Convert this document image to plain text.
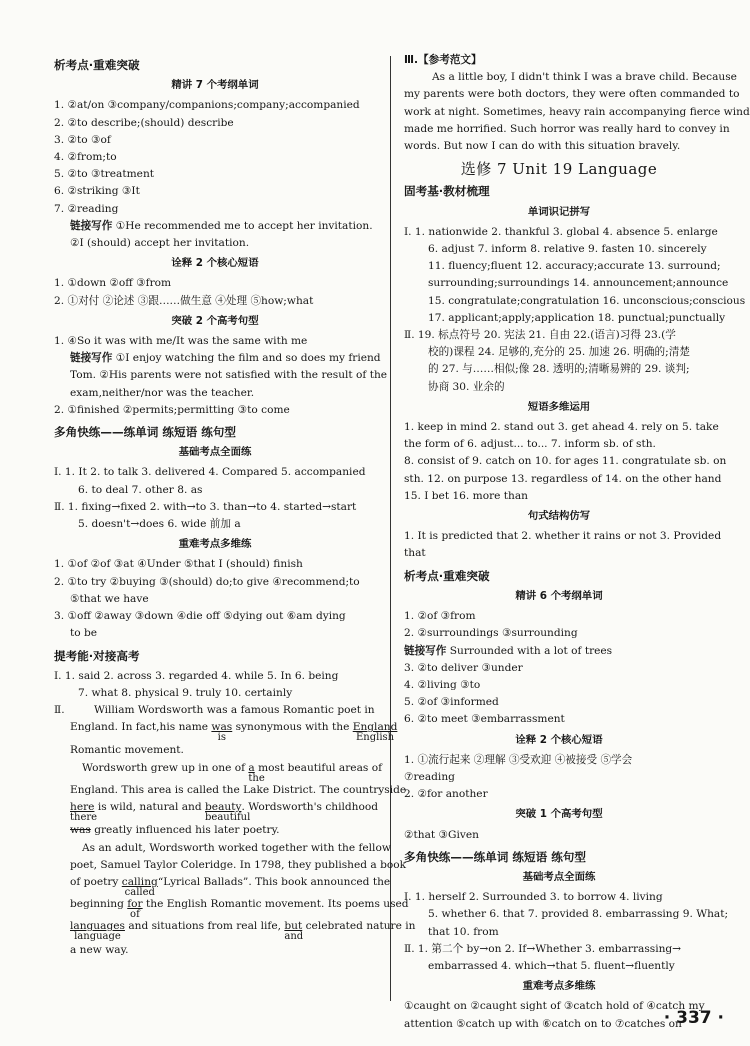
析考点·重难突破
精讲 7 个考纲单词
1. ②at/on ③company/companions;company;accompanied
2. ②to describe;(should) describe
3. ②to ③of
4. ②from;to
5. ②to ③treatment
6. ②striking ③It
7. ②reading
链接写作 ①He recommended me to accept her invitation.
②I (should) accept her invitation.
诠释 2 个核心短语
1. ①down ②off ③from
2. ①对付 ②论述 ③跟……做生意 ④处理 ⑤how;what
突破 2 个高考句型
1. ④So it was with me/It was the same with me
链接写作 ①I enjoy watching the film and so does my friend
Tom. ②His parents were not satisfied with the result of the
exam,neither/nor was the teacher.
2. ①finished ②permits;permitting ③to come
多角快练——练单词 练短语 练句型
基础考点全面练
Ⅰ. 1. It 2. to talk 3. delivered 4. Compared 5. accompanied
6. to deal 7. other 8. as
Ⅱ. 1. fixing→fixed 2. with→to 3. than→to 4. started→start
5. doesn't→does 6. wide 前加 a
重难考点多维练
1. ①of ②of ③at ④Under ⑤that I (should) finish
2. ①to try ②buying ③(should) do;to give ④recommend;to
⑤that we have
3. ①off ②away ③down ④die off ⑤dying out ⑥am dying
to be
提考能·对接高考
Ⅰ. 1. said 2. across 3. regarded 4. while 5. In 6. being
7. what 8. physical 9. truly 10. certainly
Ⅱ. William Wordsworth was a famous Romantic poet in
England. In fact,his name was
is
synonymous with the England
English
Romantic movement.
Wordsworth grew up in one of a
the
most beautiful areas of
England. This area is called the Lake District. The countryside
here
there
is wild, natural and beauty
beautiful
. Wordsworth's childhood
was greatly influenced his later poetry.
As an adult, Wordsworth worked together with the fellow
poet, Samuel Taylor Coleridge. In 1798, they published a book
of poetry calling
called
“Lyrical Ballads”. This book announced the
beginning for
of
the English Romantic movement. Its poems used
languages
language
and situations from real life, but
and
celebrated nature in
a new way.
Ⅲ.【参考范文】
As a little boy, I didn't think I was a brave child. Because
my parents were both doctors, they were often commanded to
work at night. Sometimes, heavy rain accompanying fierce wind
made me horrified. Such horror was really hard to convey in
words. But now I can do with this situation bravely.
选修 7 Unit 19 Language
固考基·教材梳理
单词识记拼写
Ⅰ. 1. nationwide 2. thankful 3. global 4. absence 5. enlarge
6. adjust 7. inform 8. relative 9. fasten 10. sincerely
11. fluency;fluent 12. accuracy;accurate 13. surround;
surrounding;surroundings 14. announcement;announce
15. congratulate;congratulation 16. unconscious;conscious
17. applicant;apply;application 18. punctual;punctually
Ⅱ. 19. 标点符号 20. 宪法 21. 自由 22.(语言)习得 23.(学
校的)课程 24. 足够的,充分的 25. 加速 26. 明确的;清楚
的 27. 与……相似;像 28. 透明的;清晰易辨的 29. 谈判;
协商 30. 业余的
短语多维运用
1. keep in mind 2. stand out 3. get ahead 4. rely on 5. take
the form of 6. adjust... to... 7. inform sb. of sth.
8. consist of 9. catch on 10. for ages 11. congratulate sb. on
sth. 12. on purpose 13. regardless of 14. on the other hand
15. I bet 16. more than
句式结构仿写
1. It is predicted that 2. whether it rains or not 3. Provided
that
析考点·重难突破
精讲 6 个考纲单词
1. ②of ③from
2. ②surroundings ③surrounding
链接写作 Surrounded with a lot of trees
3. ②to deliver ③under
4. ②living ③to
5. ②of ③informed
6. ②to meet ③embarrassment
诠释 2 个核心短语
1. ①流行起来 ②理解 ③受欢迎 ④被接受 ⑤学会
⑦reading
2. ②for another
突破 1 个高考句型
②that ③Given
多角快练——练单词 练短语 练句型
基础考点全面练
Ⅰ. 1. herself 2. Surrounded 3. to borrow 4. living
5. whether 6. that 7. provided 8. embarrassing 9. What;
that 10. from
Ⅱ. 1. 第二个 by→on 2. If→Whether 3. embarrassing→
embarrassed 4. which→that 5. fluent→fluently
重难考点多维练
①caught on ②caught sight of ③catch hold of ④catch my
attention ⑤catch up with ⑥catch on to ⑦catches on
· 337 ·
